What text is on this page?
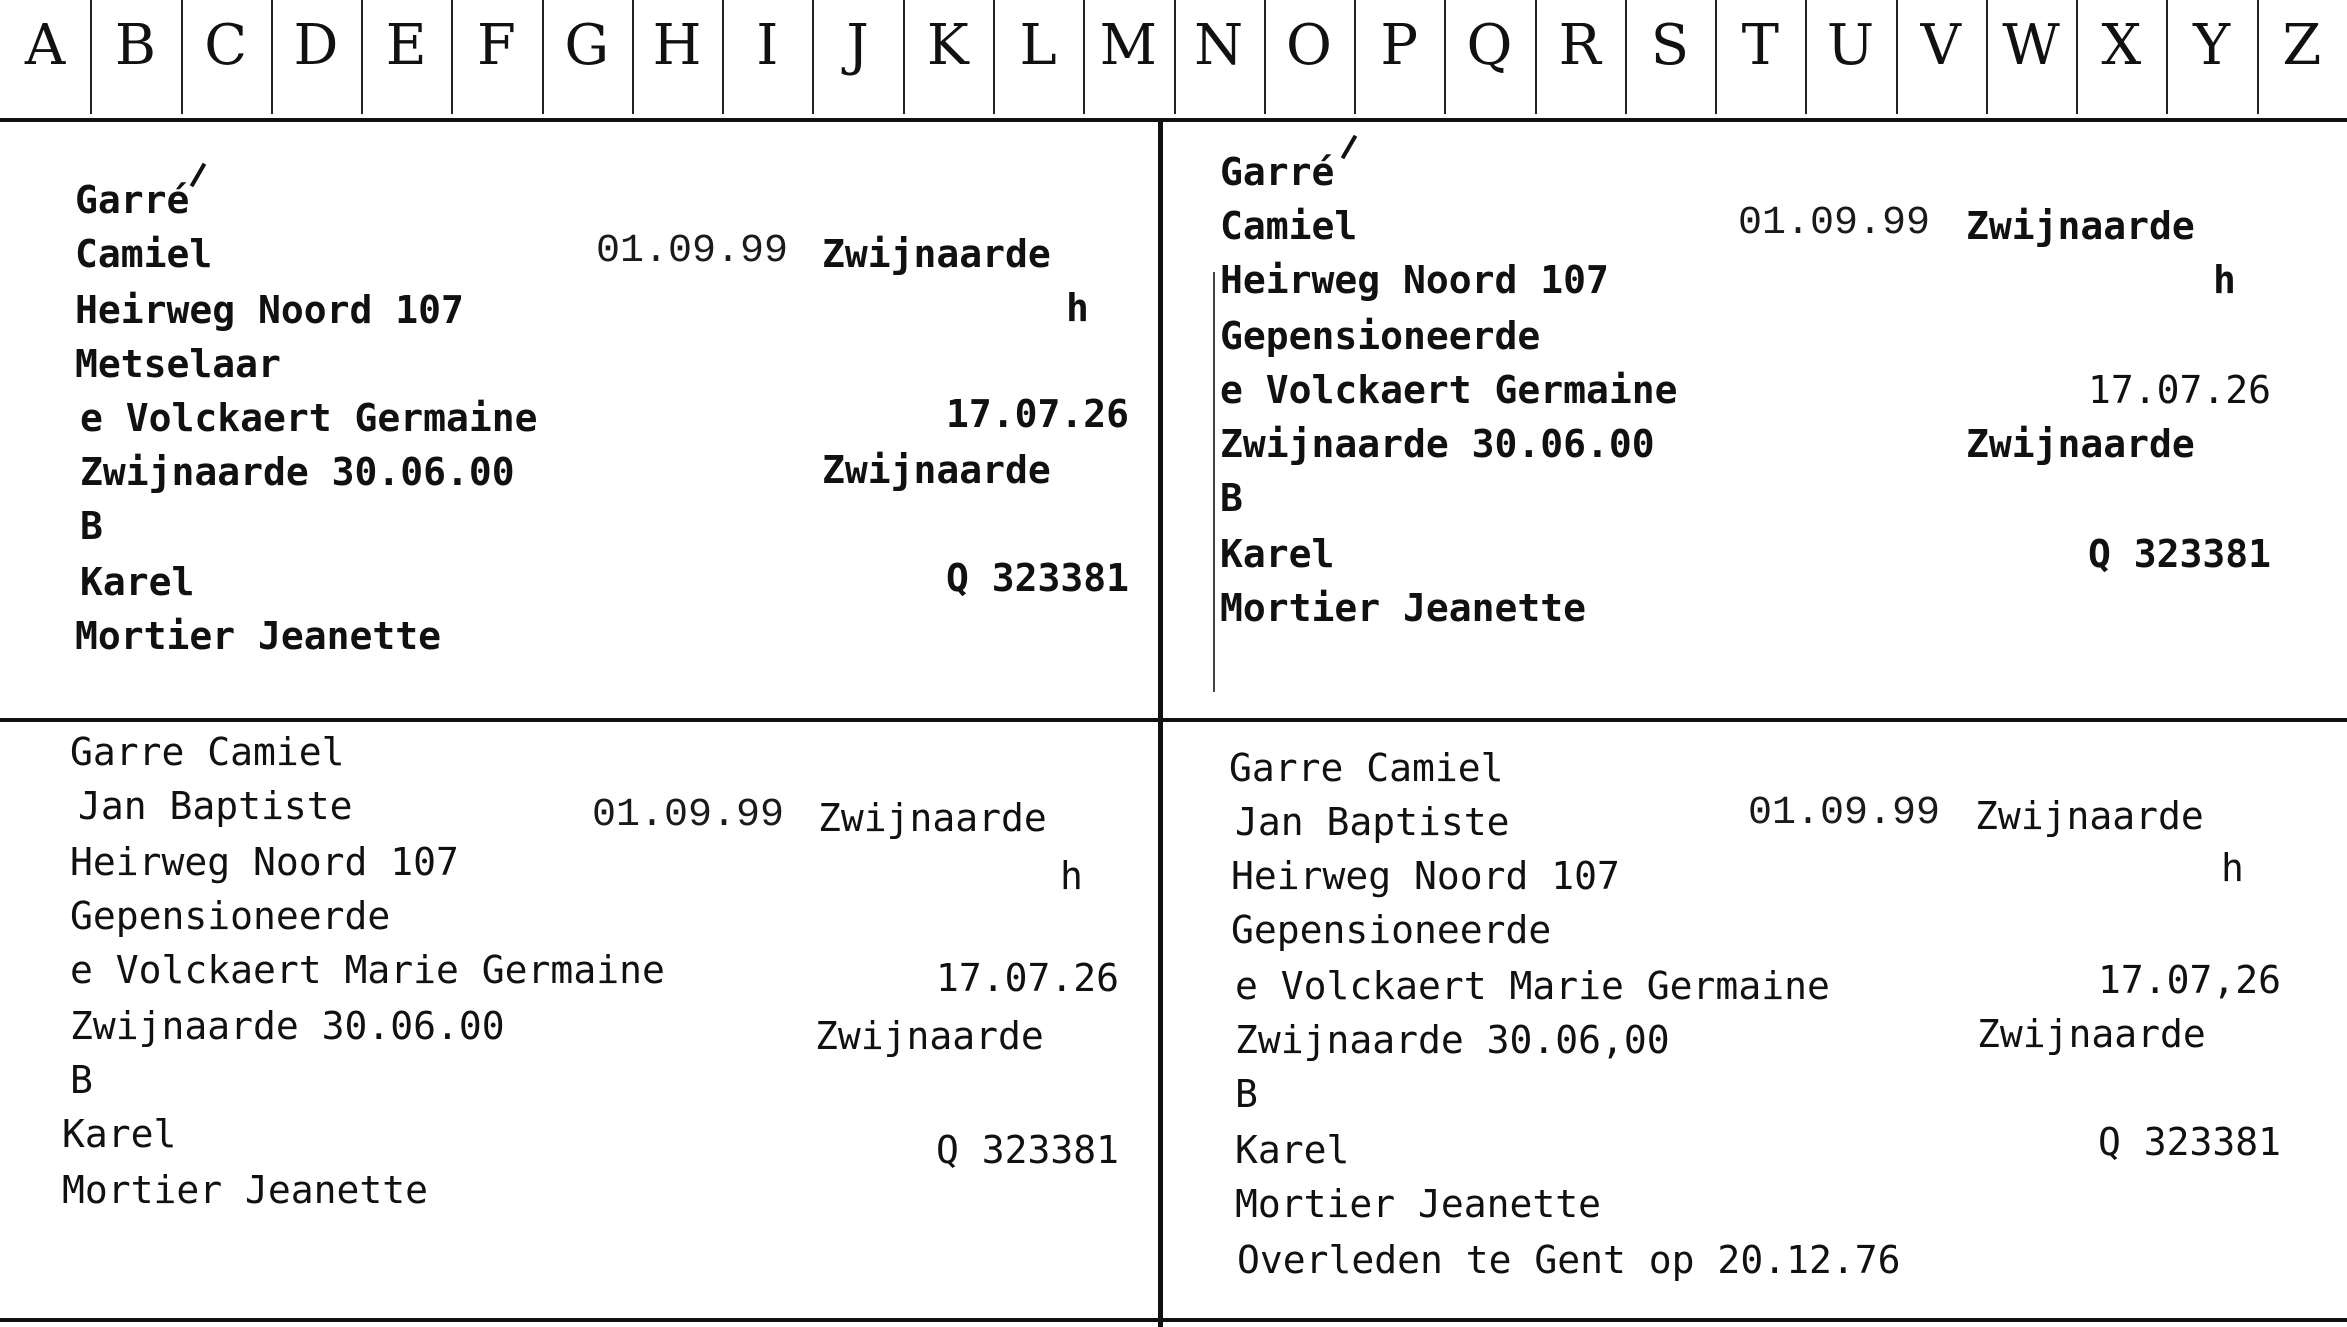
A B C D E F G H I	J	K L M N O P Q R S T U V W X Y Z
Garré
Camiel	01.09.99 Zwijnaarde
Heirweg Noord 107	h
Metselaar
e Volckaert Germaine	17.07.26
Zwijnaarde 30.06.00	Zwijnaarde
B
Karel	Q 323381
Mortier Jeanette
Garré
Camiel	01.09.99 Zwijnaarde
Heirweg Noord 107	h
Gepensioneerde
e Volckaert Germaine	17.07.26
Zwijnaarde 30.06.00	Zwijnaarde
B
Karel	Q 323381
Mortier Jeanette
Garre Camiel
Jan Baptiste	01.09.99 Zwijnaarde
Heirweg Noord 107	h
Gepensioneerde
e Volckaert Marie Germaine	17.07.26
Zwijnaarde 30.06.00	Zwijnaarde
B
Karel	Q 323381
Mortier Jeanette
Garre Camiel
Jan Baptiste	01.09.99 Zwijnaarde
Heirweg Noord 107	h
Gepensioneerde
e Volckaert Marie Germaine	17.07,26
Zwijnaarde 30.06,00	Zwijnaarde
B
Karel	Q 323381
Mortier Jeanette
Overleden te Gent op 20.12.76
